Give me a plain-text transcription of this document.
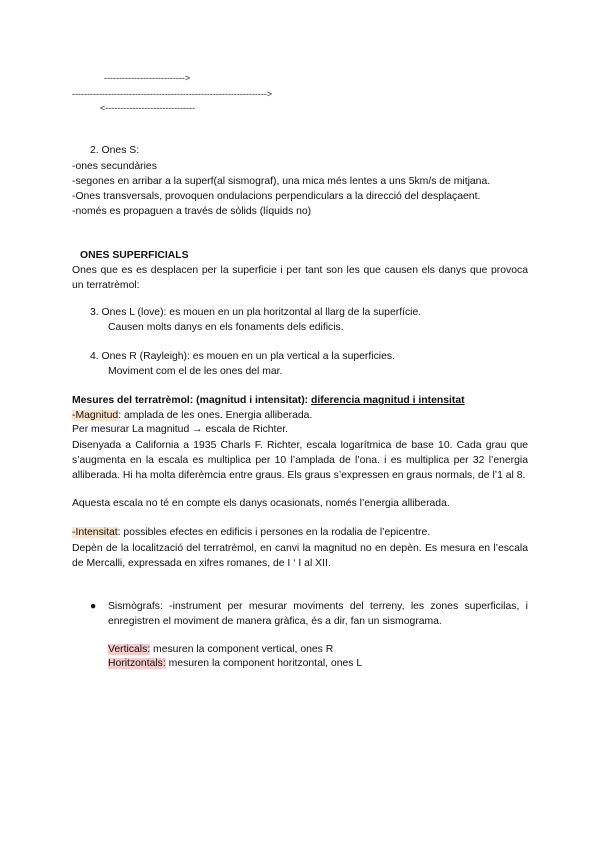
--------------------------->
----------------------------------------------------------------->
<------------------------------
2. Ones S:
-ones secundàries
-segones en arribar a la superf(al sismograf), una mica més lentes a uns 5km/s de mitjana.
-Ones transversals, provoquen ondulacions perpendiculars a la direcció del desplaçaent.
-només es propaguen a través de sòlids (líquids no)
ONES SUPERFICIALS
Ones que es es desplacen per la superficie i per tant son les que causen els danys que provoca un terratrèmol:
3. Ones L (love): es mouen en un pla horitzontal al llarg de la superfície.
Causen molts danys en els fonaments dels edificis.
4. Ones R (Rayleigh): es mouen en un pla vertical a la superficies.
Moviment com el de les ones del mar.
Mesures del terratrèmol: (magnitud i intensitat): diferencia magnitud i intensitat
-Magnitud: amplada de les ones. Energia alliberada.
Per mesurar La magnitud → escala de Richter.
Disenyada a California a 1935 Charls F. Richter, escala logarítmica de base 10. Cada grau que s’augmenta en la escala es multiplica per 10 l’amplada de l’ona. i es multiplica per 32 l’energia alliberada. Hi ha molta diferèmcia entre graus. Els graus s’expressen en graus normals, de l’1 al 8.
Aquesta escala no té en compte els danys ocasionats, només l’energia alliberada.
-Intensitat: possibles efectes en edificis i persones en la rodalia de l’epicentre.
Depèn de la localització del terratrèmol, en canvi la magnitud no en depèn. Es mesura en l’escala de Mercalli, expressada en xifres romanes, de I ‘ I al XII.
● Sismògrafs: -instrument per mesurar moviments del terreny, les zones superficilas, i enregistren el moviment de manera gràfica, és a dir, fan un sismograma.
Verticals: mesuren la component vertical, ones R
Horitzontals: mesuren la component horitzontal, ones L
